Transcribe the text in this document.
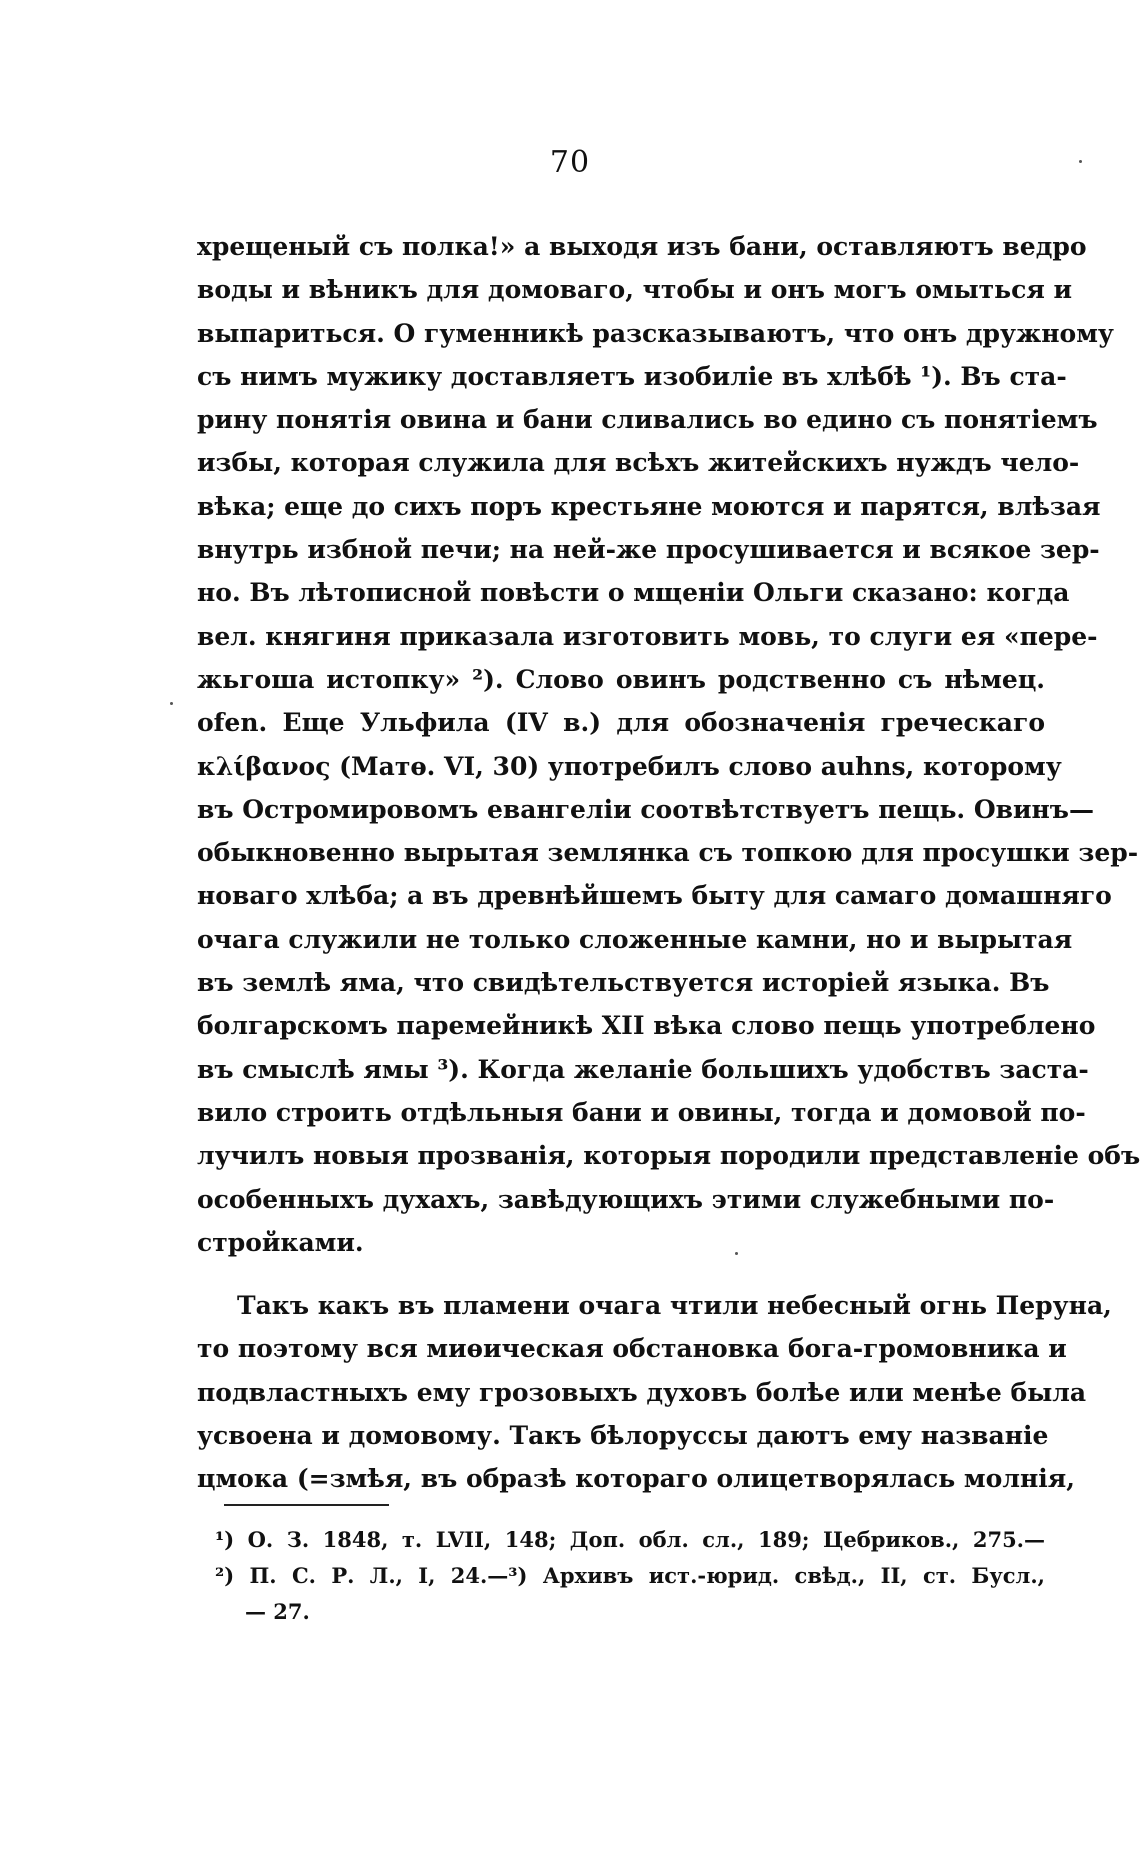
70
хрещеный съ полка!» а выходя изъ бани, оставляютъ ведро
воды и вѣникъ для домоваго, чтобы и онъ могъ омыться и
выпариться. О гуменникѣ разсказываютъ, что онъ дружному
съ нимъ мужику доставляетъ изобиліе въ хлѣбѣ ¹). Въ ста-
рину понятія овина и бани сливались во едино съ понятіемъ
избы, которая служила для всѣхъ житейскихъ нуждъ чело-
вѣка; еще до сихъ поръ крестьяне моются и парятся, влѣзая
внутрь избной печи; на ней-же просушивается и всякое зер-
но. Въ лѣтописной повѣсти о мщеніи Ольги сказано: когда
вел. княгиня приказала изготовить мовь, то слуги ея «пере-
жьгоша истопку» ²). Слово овинъ родственно съ нѣмец.
ofen. Еще Ульфила (IV в.) для обозначенія греческаго
κλίβανος (Матѳ. VI, 30) употребилъ слово auhns, которому
въ Остромировомъ евангеліи соотвѣтствуетъ пещь. Овинъ—
обыкновенно вырытая землянка съ топкою для просушки зер-
новаго хлѣба; а въ древнѣйшемъ быту для самаго домашняго
очага служили не только сложенные камни, но и вырытая
въ землѣ яма, что свидѣтельствуется исторіей языка. Въ
болгарскомъ паремейникѣ XII вѣка слово пещь употреблено
въ смыслѣ ямы ³). Когда желаніе большихъ удобствъ заста-
вило строить отдѣльныя бани и овины, тогда и домовой по-
лучилъ новыя прозванія, которыя породили представленіе объ
особенныхъ духахъ, завѣдующихъ этими служебными по-
стройками.
Такъ какъ въ пламени очага чтили небесный огнь Перуна,
то поэтому вся миѳическая обстановка бога-громовника и
подвластныхъ ему грозовыхъ духовъ болѣе или менѣе была
усвоена и домовому. Такъ бѣлоруссы даютъ ему названіе
цмока (=змѣя, въ образѣ котораго олицетворялась молнія,
¹) О. З. 1848, т. LVII, 148; Доп. обл. сл., 189; Цебриков., 275.—
²) П. С. Р. Л., I, 24.—³) Архивъ ист.-юрид. свѣд., II, ст. Бусл.,
— 27.
